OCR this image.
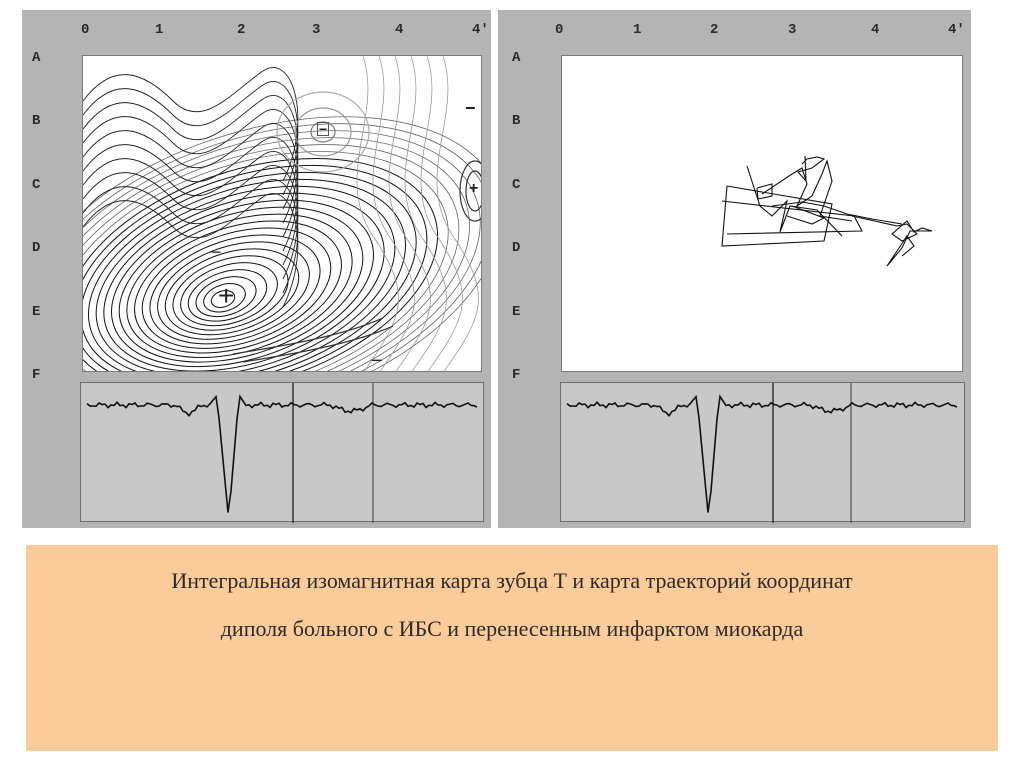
0	1	2	3	4	4'
A
B
C
D
E
F
−
−
+
+
−
−
0	1	2	3	4	4'
A
B
C
D
E
F
Интегральная изомагнитная карта зубца Т и карта траекторий координат
диполя больного с ИБС и перенесенным инфарктом миокарда
